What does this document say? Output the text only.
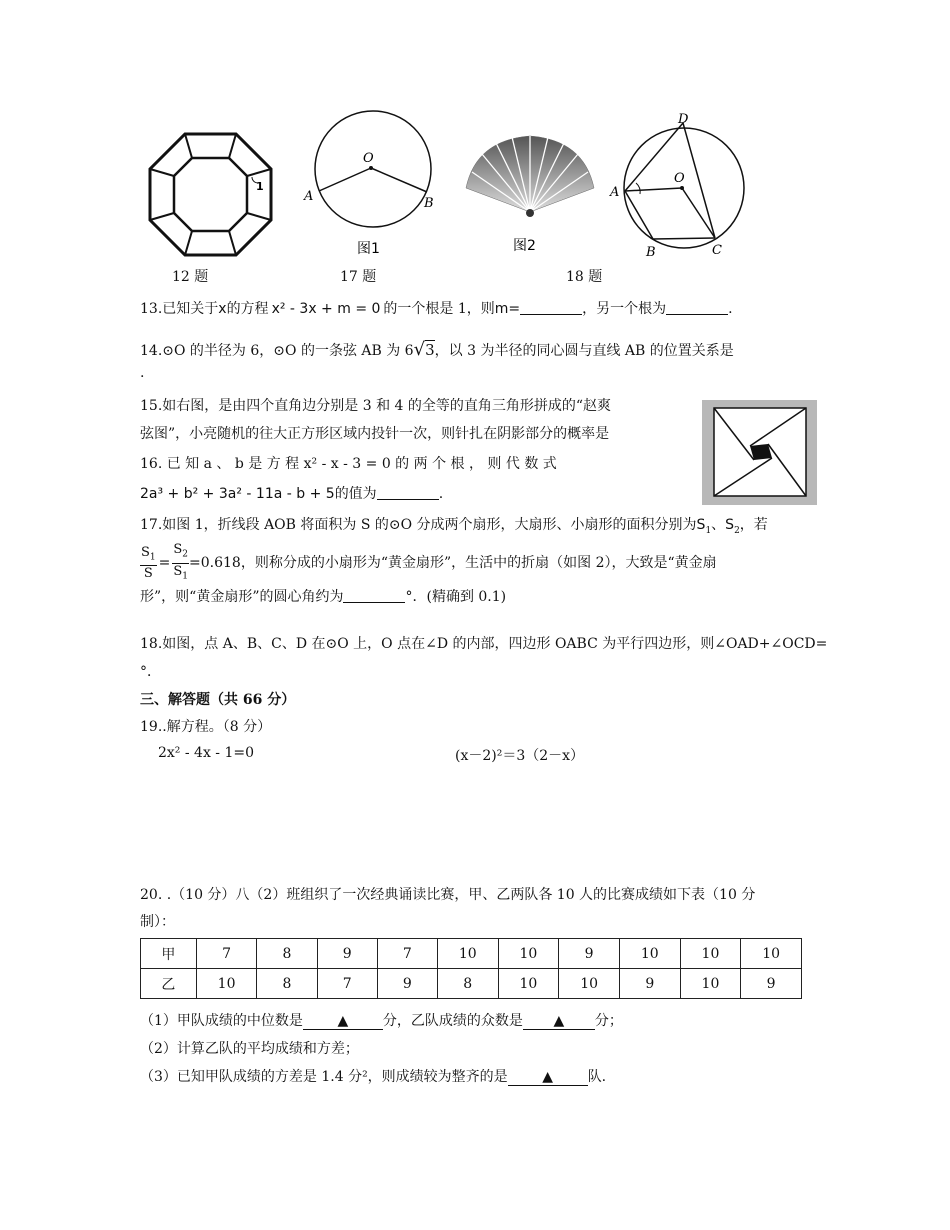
1
12 题
O
A	B
图1
17 题
图2
D
O
A
B	C
18 题
13.已知关于x的方程 x² - 3x + m = 0 的一个根是 1，则m=	，另一个根为	.
14.⊙O 的半径为 6，⊙O 的一条弦 AB 为 6√3，以 3 为半径的同心圆与直线 AB 的位置关系是
.
15.如右图，是由四个直角边分别是 3 和 4 的全等的直角三角形拼成的“赵爽
弦图”，小亮随机的往大正方形区域内投针一次，则针扎在阴影部分的概率是
16. 已 知 a 、 b 是 方 程 x² - x - 3 = 0 的 两 个 根 ， 则 代 数 式
2a³ + b² + 3a² - 11a - b + 5的值为	.
17.如图 1，折线段 AOB 将面积为 S 的⊙O 分成两个扇形，大扇形、小扇形的面积分别为$S_1$、$S_2$，若
$\frac{S_1}{S} = \frac{S_2}{S_1} =0.618$，则称分成的小扇形为“黄金扇形”，生活中的折扇（如图 2），大致是“黄金扇
形”，则“黄金扇形”的圆心角约为	°．(精确到 0.1)
18.如图，点 A、B、C、D 在⊙O 上，O 点在∠D 的内部，四边形 OABC 为平行四边形，则∠OAD+∠OCD=
°．
三、解答题（共 66 分）
19..解方程。（8 分）
2x² - 4x - 1=0	(x－2)²＝3（2－x）
20. .（10 分）八（2）班组织了一次经典诵读比赛，甲、乙两队各 10 人的比赛成绩如下表（10 分
制）：
甲	7	8	9	7	10	10	9	10	10	10
乙	10	8	7	9	8	10	10	9	10	9
（1）甲队成绩的中位数是 ▲ 分，乙队成绩的众数是 ▲ 分；
（2）计算乙队的平均成绩和方差；
（3）已知甲队成绩的方差是 1.4 分²，则成绩较为整齐的是 ▲ 队.
